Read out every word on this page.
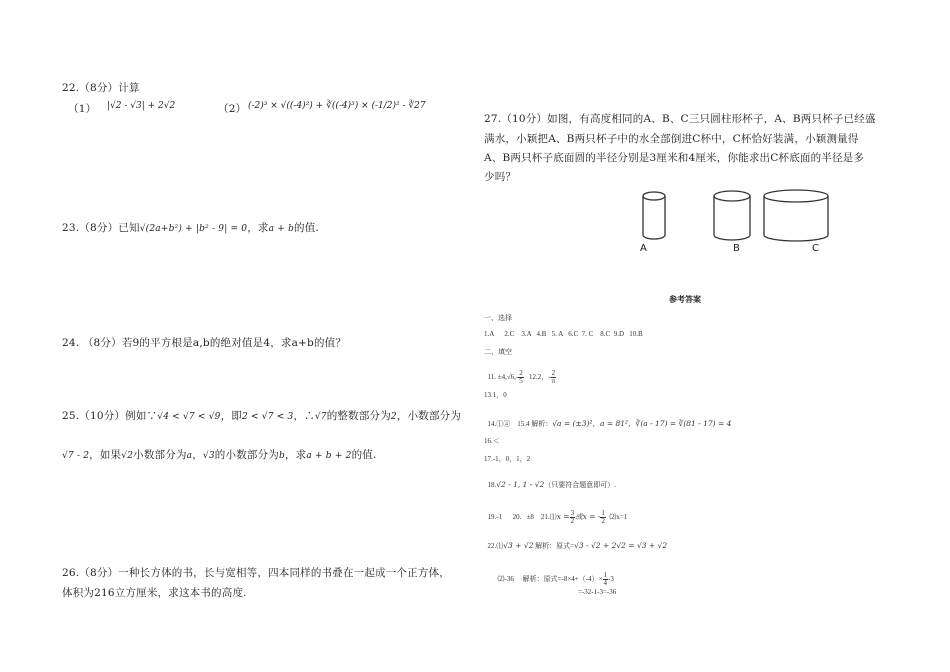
22.（8分）计算
（1） |√2 - √3| + 2√2	（2） (-2)³ × √((-4)²) + ∛((-4)³) × (-1/2)² - ∛27
23.（8分）已知√(2a+b²) + |b² - 9| = 0，求a + b的值.
24. （8分）若9的平方根是a,b的绝对值是4，求a+b的值？
25.（10分）例如∵√4 < √7 < √9，即2 < √7 < 3，∴√7的整数部分为2，小数部分为
√7 - 2，如果√2小数部分为a，√3的小数部分为b，求a + b + 2的值.
26.（8分）一种长方体的书，长与宽相等，四本同样的书叠在一起成一个正方体，
体积为216立方厘米，求这本书的高度.
27.（10分）如图，有高度相同的A、B、C三只圆柱形杯子，A、B两只杯子已经盛
满水，小颖把A、B两只杯子中的水全部倒进C杯中，C杯恰好装满，小颖测量得
A、B两只杯子底面圆的半径分别是3厘米和4厘米，你能求出C杯底面的半径是多
少吗？
A	B	C
参考答案
一、选择
1.A      2.C    3.A   4.B   5. A   6.C  7. C    8.C  9.D   10.B
二、填空

11. $\pm 4,√6,- \frac{2}{5} 12.2$，- $\frac{2}{\pi}$

13.1，0

14.①④    15.4 解析：√a = (±3)²，a = 81²，∛(a - 17) = ∛(81 - 17) = 4

16.＜
17.-1，0，1，2

18.√2 - 1, 1 - √2（只要符合题意即可）.

19.-1      20.   ±8    21.⑴x = $\frac{3}{2}$ 或x = - $\frac{1}{2}$ ⑵x=1

22.⑴√3 + √2 解析：原式=√3 - √2 + 2√2 = √3 + √2

⑵-36     解析：原式$=-8\times 4+(-4)\times \frac{1}{4} -3$

=-32-1-3=-36
